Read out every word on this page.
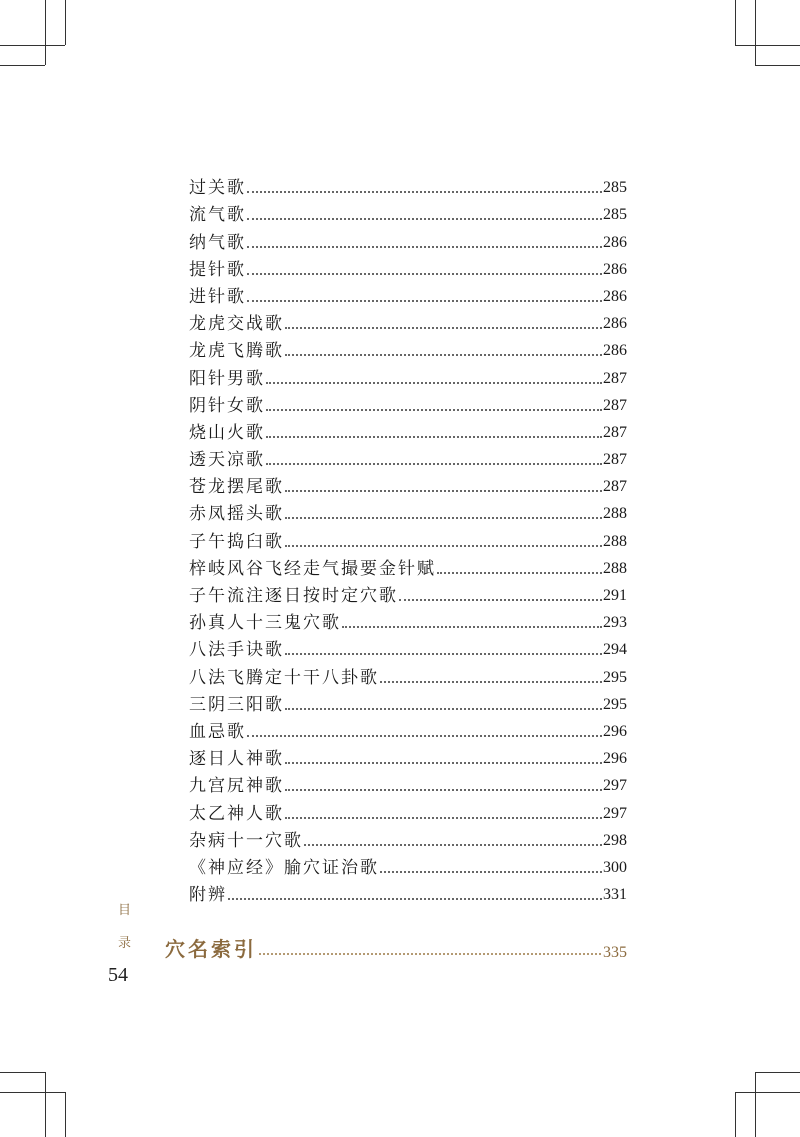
过关歌	285
流气歌	285
纳气歌	286
提针歌	286
进针歌	286
龙虎交战歌	286
龙虎飞腾歌	286
阳针男歌	287
阴针女歌	287
烧山火歌	287
透天凉歌	287
苍龙摆尾歌	287
赤凤摇头歌	288
子午捣臼歌	288
梓岐风谷飞经走气撮要金针赋	288
子午流注逐日按时定穴歌	291
孙真人十三鬼穴歌	293
八法手诀歌	294
八法飞腾定十干八卦歌	295
三阴三阳歌	295
血忌歌	296
逐日人神歌	296
九宫尻神歌	297
太乙神人歌	297
杂病十一穴歌	298
《神应经》腧穴证治歌	300
附辨	331
目
录 穴名索引	335
54
